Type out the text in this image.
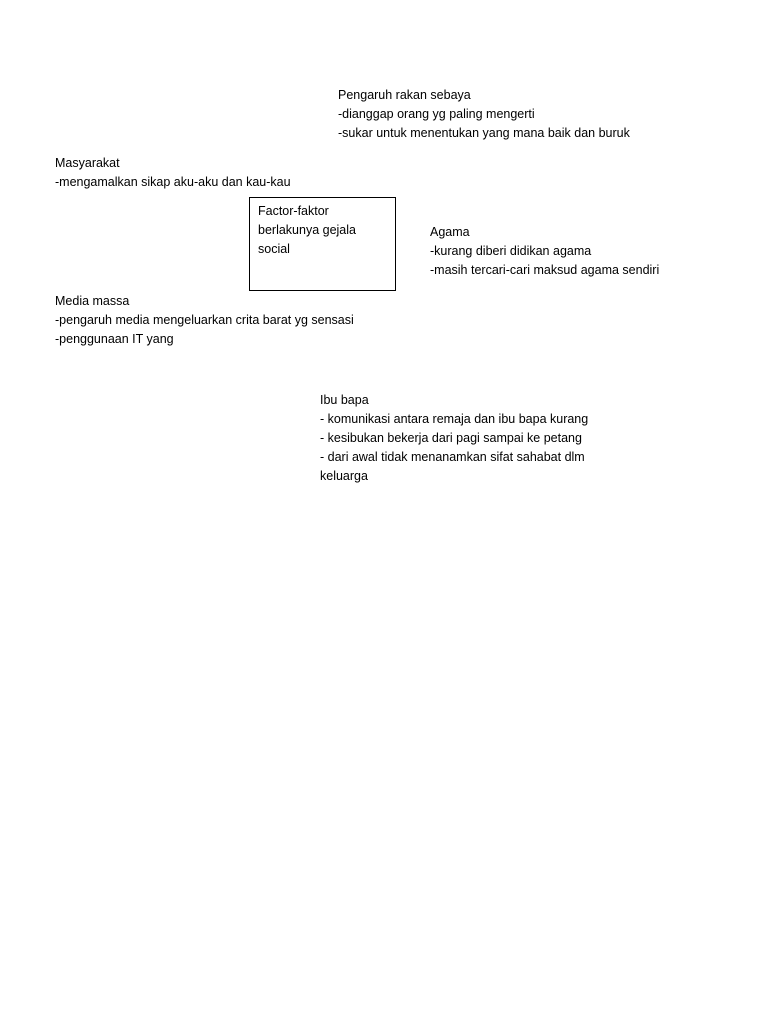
Pengaruh rakan sebaya
-dianggap orang yg paling mengerti
-sukar untuk menentukan yang mana baik dan buruk
Masyarakat
-mengamalkan sikap aku-aku dan kau-kau
Factor-faktor
berlakunya gejala
social
Agama
-kurang diberi didikan agama
-masih tercari-cari maksud agama sendiri
Media massa
-pengaruh media mengeluarkan crita barat yg sensasi
-penggunaan IT yang
Ibu bapa
- komunikasi antara remaja dan ibu bapa kurang
- kesibukan bekerja dari pagi sampai ke petang
- dari awal tidak menanamkan sifat sahabat dlm
keluarga
